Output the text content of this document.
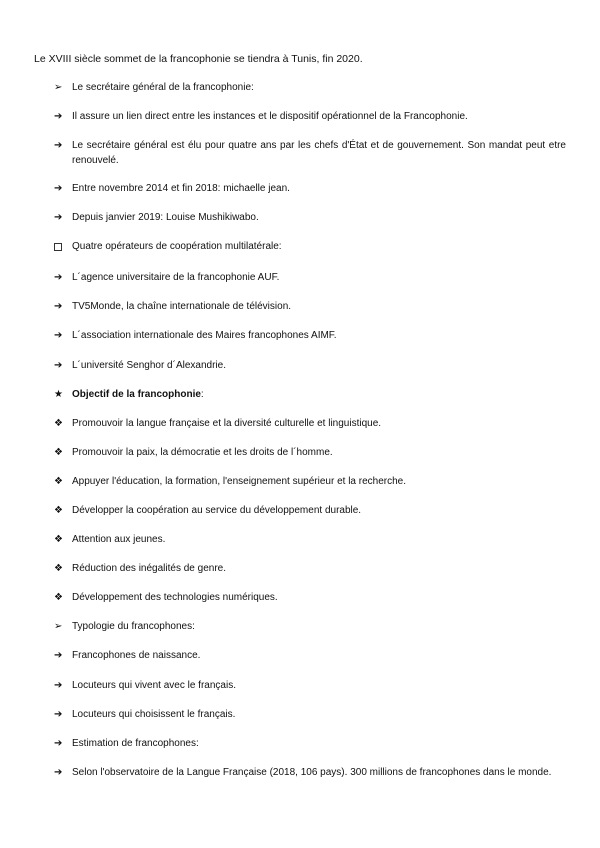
Le XVIII siècle sommet de la francophonie se tiendra à Tunis, fin 2020.
➢ Le secrétaire général de la francophonie:
➔ Il assure un lien direct entre les instances et le dispositif opérationnel de la Francophonie.
➔ Le secrétaire général est élu pour quatre ans par les chefs d'État et de gouvernement. Son mandat peut etre renouvelé.
➔ Entre novembre 2014 et fin 2018: michaelle jean.
➔ Depuis janvier 2019: Louise Mushikiwabo.
Quatre opérateurs de coopération multilatérale:
➔ L´agence universitaire de la francophonie AUF.
➔ TV5Monde, la chaîne internationale de télévision.
➔ L´association internationale des Maires francophones AIMF.
➔ L´université Senghor d´Alexandrie.
★ Objectif de la francophonie:
❖ Promouvoir la langue française et la diversité culturelle et linguistique.
❖ Promouvoir la paix, la démocratie et les droits de l´homme.
❖ Appuyer l'éducation, la formation, l'enseignement supérieur et la recherche.
❖ Développer la coopération au service du développement durable.
❖ Attention aux jeunes.
❖ Réduction des inégalités de genre.
❖ Développement des technologies numériques.
➢ Typologie du francophones:
➔ Francophones de naissance.
➔ Locuteurs qui vivent avec le français.
➔ Locuteurs qui choisissent le français.
➔ Estimation de francophones:
➔ Selon l'observatoire de la Langue Française (2018, 106 pays). 300 millions de francophones dans le monde.
